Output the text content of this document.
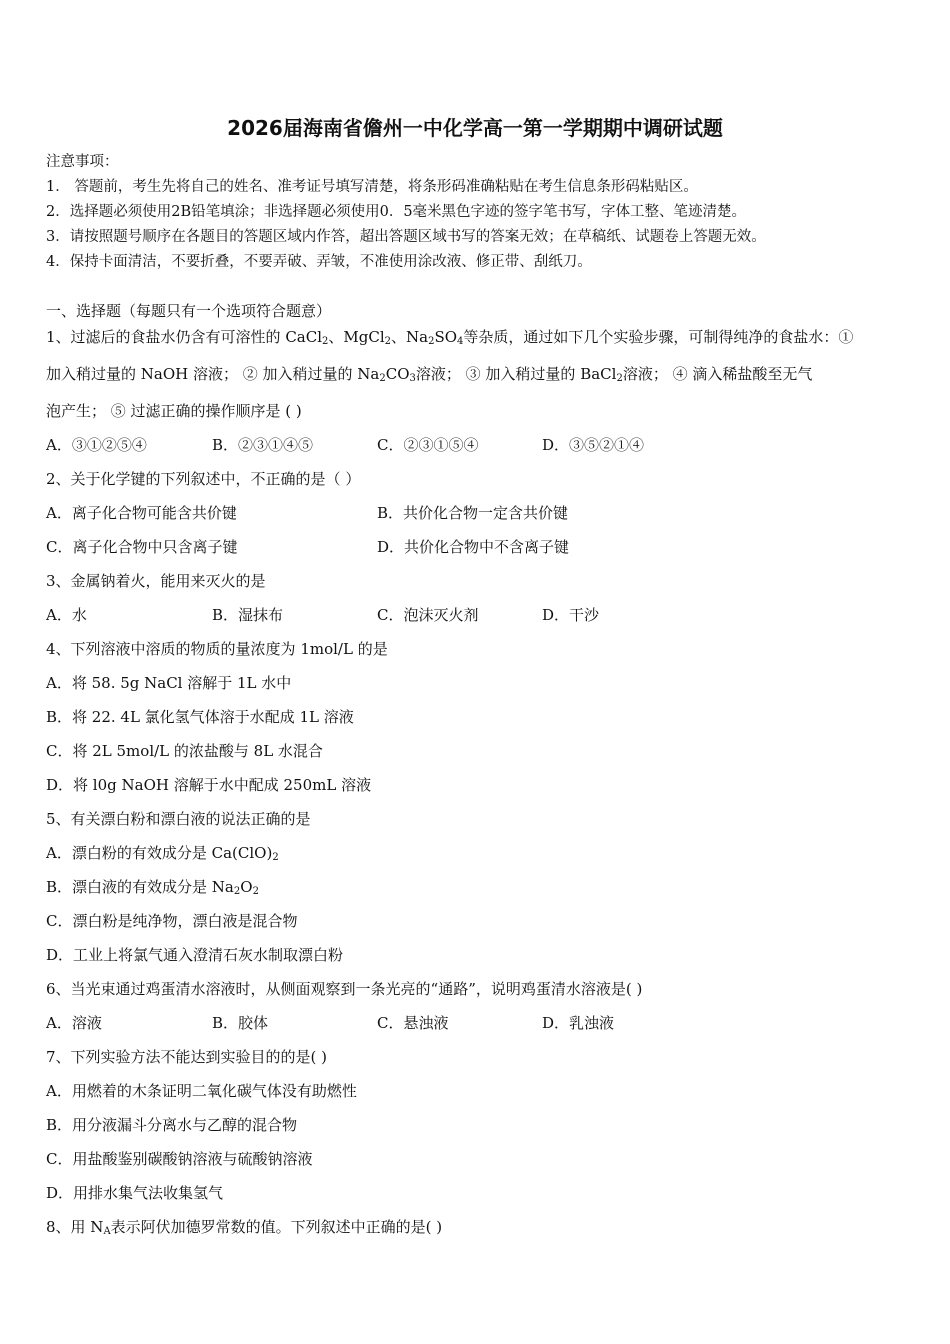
2026届海南省儋州一中化学高一第一学期期中调研试题
注意事项：
1． 答题前，考生先将自己的姓名、准考证号填写清楚，将条形码准确粘贴在考生信息条形码粘贴区。
2．选择题必须使用2B铅笔填涂；非选择题必须使用0．5毫米黑色字迹的签字笔书写，字体工整、笔迹清楚。
3．请按照题号顺序在各题目的答题区域内作答，超出答题区域书写的答案无效；在草稿纸、试题卷上答题无效。
4．保持卡面清洁，不要折叠，不要弄破、弄皱，不准使用涂改液、修正带、刮纸刀。
一、选择题（每题只有一个选项符合题意）
1、过滤后的食盐水仍含有可溶性的 CaCl$_2$、MgCl$_2$、$Na_2SO_4$等杂质，通过如下几个实验步骤，可制得纯净的食盐水：①
加入稍过量的 NaOH 溶液； ② 加入稍过量的 $Na_2CO_3$溶液； ③ 加入稍过量的 BaCl$_2$溶液； ④ 滴入稀盐酸至无气
泡产生； ⑤ 过滤正确的操作顺序是 ( )
A．③①②⑤④	B．②③①④⑤	C．②③①⑤④	D．③⑤②①④
2、关于化学键的下列叙述中，不正确的是（ ）
A．离子化合物可能含共价键	B．共价化合物一定含共价键
C．离子化合物中只含离子键	D．共价化合物中不含离子键
3、金属钠着火，能用来灭火的是
A．水	B．湿抹布	C．泡沫灭火剂	D．干沙
4、下列溶液中溶质的物质的量浓度为 1mol/L 的是
A．将 58. 5g NaCl 溶解于 1L 水中
B．将 22. 4L 氯化氢气体溶于水配成 1L 溶液
C．将 2L 5mol/L 的浓盐酸与 8L 水混合
D．将 l0g NaOH 溶解于水中配成 250mL 溶液
5、有关漂白粉和漂白液的说法正确的是
A．漂白粉的有效成分是 $Ca(ClO)_2$
B．漂白液的有效成分是 $Na_2O_2$
C．漂白粉是纯净物，漂白液是混合物
D．工业上将氯气通入澄清石灰水制取漂白粉
6、当光束通过鸡蛋清水溶液时，从侧面观察到一条光亮的“通路”，说明鸡蛋清水溶液是( )
A．溶液	B．胶体	C．悬浊液	D．乳浊液
7、下列实验方法不能达到实验目的的是( )
A．用燃着的木条证明二氧化碳气体没有助燃性
B．用分液漏斗分离水与乙醇的混合物
C．用盐酸鉴别碳酸钠溶液与硫酸钠溶液
D．用排水集气法收集氢气
8、用 $N_A$表示阿伏加德罗常数的值。下列叙述中正确的是( )
